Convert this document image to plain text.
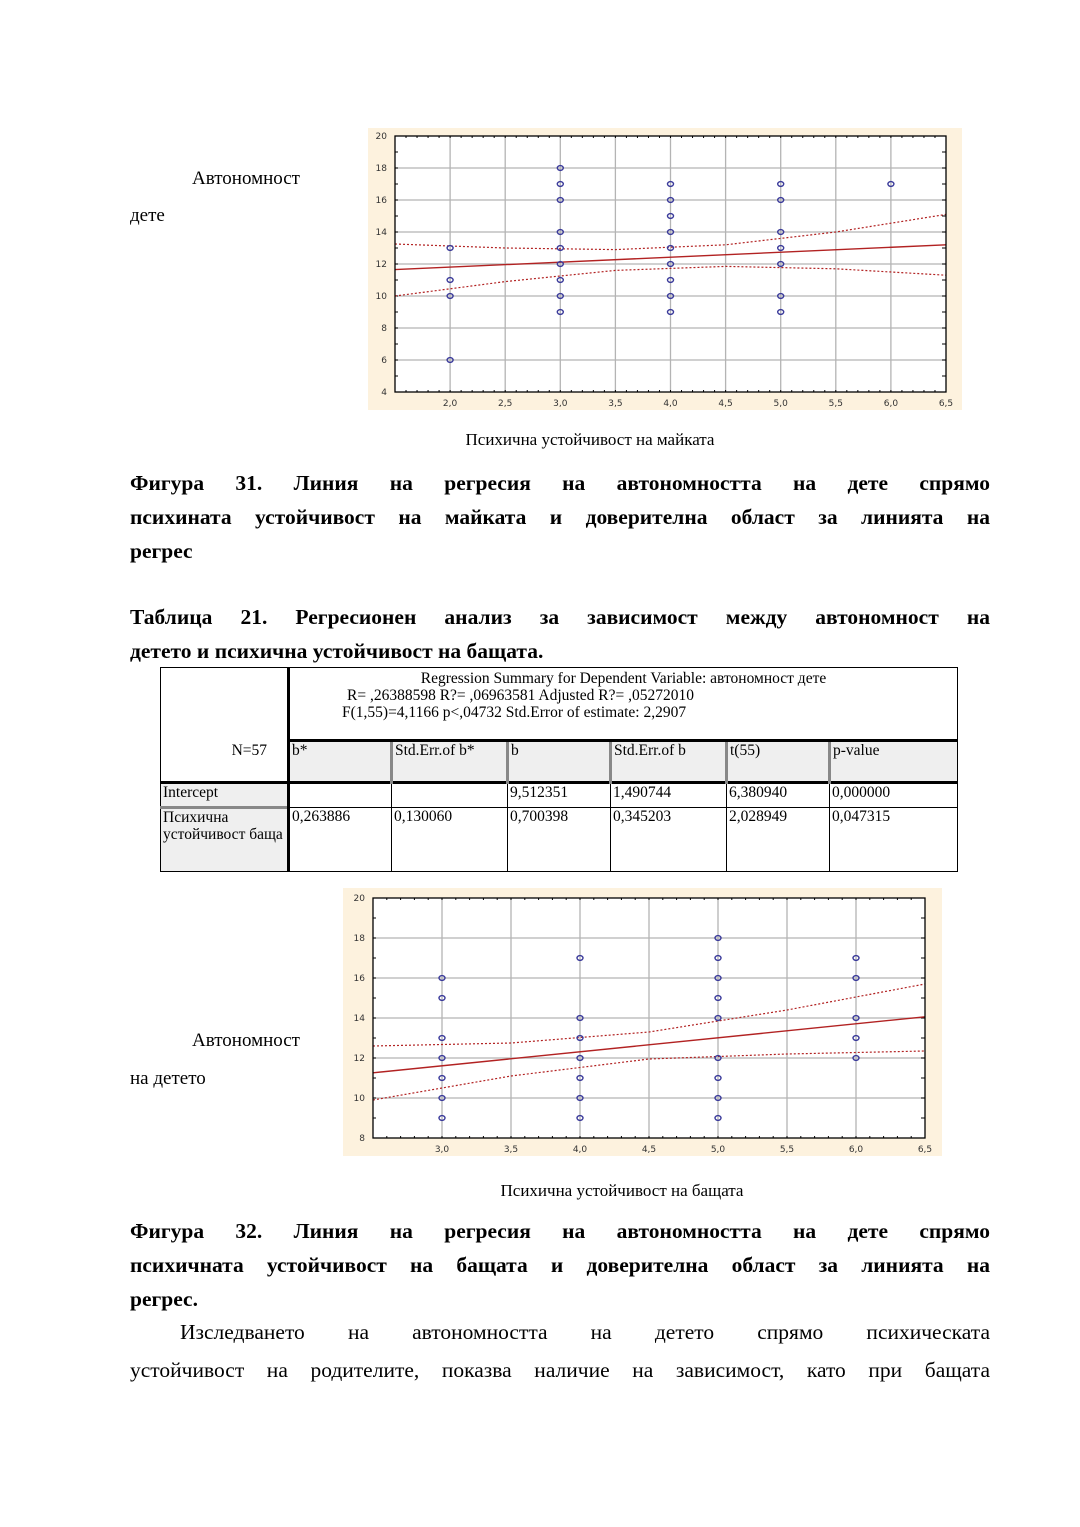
Автономност
дете
2,0	2,5	3,0	3,5	4,0	4,5	5,0	5,5	6,0	6,5
4
6
8
10
12
14
16
18
20
Психична устойчивост на майката
Фигура 31. Линия на регресия на автономността на дете спрямо
психината устойчивост на майката и доверителна област за линията на
регрес
Таблица 21. Регресионен анализ за зависимост между автономност на
детето и психична устойчивост на бащата.
N=57	Regression Summary for Dependent Variable: автономност дете
R= ,26388598 R?= ,06963581 Adjusted R?= ,05272010
F(1,55)=4,1166 p<,04732 Std.Error of estimate: 2,2907					

	b*	Std.Err.of b*	b	Std.Err.of b	t(55)	p-value
Intercept			9,512351	1,490744	6,380940	0,000000
Психична устойчивост баща	0,263886	0,130060	0,700398	0,345203	2,028949	0,047315
3,0	3,5	4,0	4,5	5,0	5,5	6,0	6,5
8
10
12
14
16
18
20
Автономност
на детето
Психична устойчивост на бащата
Фигура 32. Линия на регресия на автономността на дете спрямо
психичната устойчивост на бащата и доверителна област за линията на
регрес.
Изследването на автономността на детето спрямо психическата
устойчивост на родителите, показва наличие на зависимост, като при бащата
